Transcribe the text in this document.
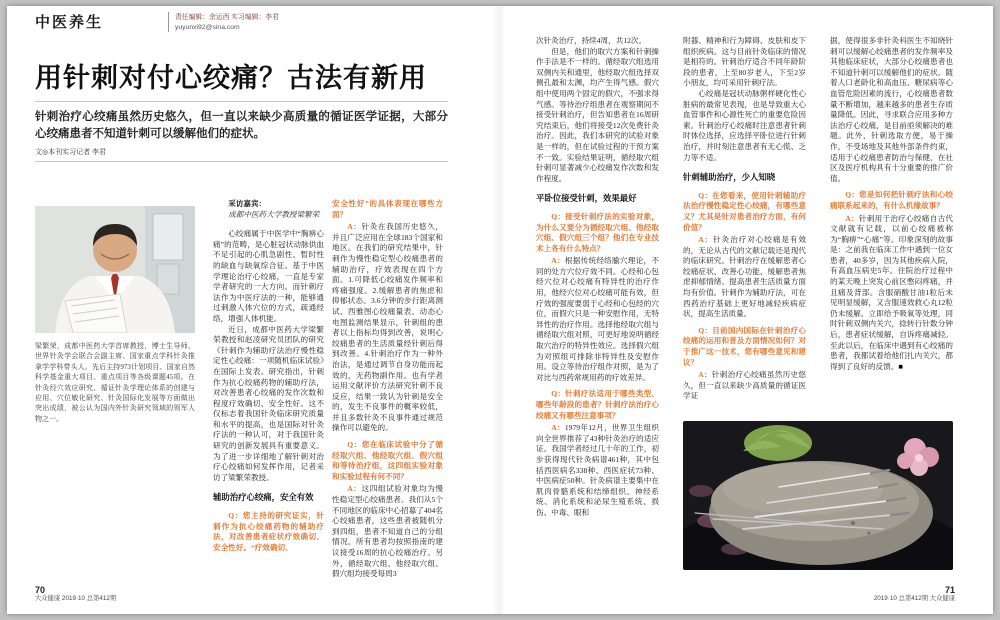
中医养生	责任编辑：余运西 实习编辑：李君
yuyunxi92@sina.com
用针刺对付心绞痛？古法有新用
针刺治疗心绞痛虽然历史悠久，但一直以来缺少高质量的循证医学证据，大部分心绞痛患者不知道针刺可以缓解他们的症状。
文◎本刊实习记者 李君
梁繁荣，成都中医药大学首席教授，博士生导师。世界针灸学会联合会副主席、国家重点学科针灸推拿学学科带头人。先后主持973计划项目、国家自然科学基金重大项目、重点项目等各级课题45项。在针灸经穴效应研究、循证针灸学理论体系的创建与应用、穴位敏化研究、针灸国际化发展等方面做出突出成绩，被公认为国内外针灸研究领域的领军人物之一。

采访嘉宾：

成都中医药大学教授梁繁荣

心绞痛属于中医学中“胸痹心痛”的范畴，是心脏冠状动脉供血不足引起的心肌急剧性、暂时性的缺血与缺氧综合征。基于中医学理论治疗心绞痛，一直是专家学者研究的一大方向。而针刺疗法作为中医疗法的一种，能够通过刺激人体穴位的方式，疏通经络，增强人体机能。

近日，成都中医药大学梁繁荣教授和赵凌研究员团队的研究《针刺作为辅助疗法治疗慢性稳定性心绞痛：一项随机临床试验》在国际上发表。研究指出，针刺作为抗心绞痛药物的辅助疗法，对改善患者心绞痛的发作次数和程度疗效确切、安全性好。这不仅标志着我国针灸临床研究质量和水平的提高，也是国际对针灸疗法的一种认可，对于我国针灸研究的创新发展具有重要意义。为了进一步详细地了解针刺对治疗心绞痛如何发挥作用，记者采访了梁繁荣教授。

辅助治疗心绞痛，安全有效

Q：您主持的研究证实，针刺作为抗心绞痛药物的辅助疗法，对改善患者症状疗效确切、安全性好。“疗效确切、

安全性好”的具体表现在哪些方面？

A：针灸在我国历史悠久，并且广泛应用在全球183个国家和地区。在我们的研究结果中，针刺作为慢性稳定型心绞痛患者的辅助治疗，疗效表现在四个方面。1.可降低心绞痛发作频率和疼痛强度。2.缓解患者的焦虑和抑郁状态。3.6分钟的步行距离测试、西雅图心绞痛量表、动态心电图监测结果显示，针刺组的患者以上指标均得到改善，说明心绞痛患者的生活质量经针刺后得到改善。4.针刺治疗作为一种外治法，是通过调节自身功能而起效的，无药物副作用。也有学者运用文献评价方法研究针刺不良反应，结果一致认为针刺是安全的，发生不良事件的概率较低，并且多数针灸不良事件通过规范操作可以避免的。

Q：您在临床试验中分了循经取穴组、他经取穴组、假穴组和等待治疗组，这四组实验对象和实验过程有何不同？

A：这四组试验对象均为慢性稳定型心绞痛患者。我们从5个不同地区的临床中心招募了404名心绞痛患者，这些患者被随机分到四组，患者不知道自己的分组情况。所有患者均按照指南的建议接受16周的抗心绞痛治疗。另外，循经取穴组、他经取穴组、假穴组均接受每周3

次针灸治疗，持续4周，共12次。

但是，他们的取穴方案和针刺操作手法是不一样的。循经取穴组选用双侧内关和通里，他经取穴组选择双侧孔最和太渊，均产生得气感。假穴组中使用两个固定的假穴，不强求得气感。等待治疗组患者在观察期间不接受针刺治疗，但告知患者在16周研究结束后，他们将接受12次免费针灸治疗。因此，我们本研究的试验对象是一样的，但在试验过程的干预方案不一致。实验结果证明，循经取穴组针刺可显著减少心绞痛发作次数和发作程度。

平卧位接受针刺，效果最好

Q：接受针刺疗法的实验对象，为什么又要分为循经取穴组、他经取穴组、假穴组三个组？他们在专业技术上各有什么特点？

A：根据传统经络腧穴理论，不同的处方穴位疗效不同。心经和心包经穴位对心绞痛有特异性的治疗作用，他经穴位对心绞痛可能有效，但疗效的强度要弱于心经和心包经的穴位，而假穴只是一种安慰作用，无特异性的治疗作用。选择他经取穴组与循经取穴组对照，可更好地说明循经取穴治疗的特异性效应。选择假穴组为对照组可排除非特异性及安慰作用。设立等待治疗组作对照，是为了对比与西药常规用药的疗效差异。

Q：针刺疗法适用于哪些类型、哪些年龄段的患者？针刺疗法治疗心绞痛又有哪些注意事项？

A：1979年12月，世界卫生组织向全世界推荐了43种针灸治疗的适应证。我国学者经过几十年的工作，初步获得现代针灸病谱461种，其中包括西医病名338种、西医症状73种、中医病症50种。针灸病谱主要集中在肌肉骨骼系统和结缔组织、神经系统、消化系统和泌尿生殖系统、损伤、中毒、眼和

附器、精神和行为障碍、皮肤和皮下组织疾病。这与目前针灸临床的情况是相符的。针刺治疗适合不同年龄阶段的患者，上至80岁老人，下至2岁小朋友，均可采用针刺疗法。

心绞痛是冠状动脉粥样硬化性心脏病的最常见表现，也是导致重大心血管事件和心源性死亡的重要危险因素。针刺治疗心绞痛时注意患者针刺时体位选择，应选择平卧位进行针刺治疗，并时刻注意患者有无心慌、乏力等不适。

针刺辅助治疗，少人知晓

Q：在您看来，使用针刺辅助疗法治疗慢性稳定性心绞痛，有哪些意义？尤其是针对患者治疗方面，有何价值？

A：针灸治疗对心绞痛是有效的，无论从古代的文献记载还是现代的临床研究。针刺治疗在缓解患者心绞痛症状、改善心功能、缓解患者焦虑抑郁情绪、提高患者生活质量方面均有价值。针刺作为辅助疗法，可在西药治疗基础上更好地减轻疾病症状，提高生活质量。

Q：目前国内国际在针刺治疗心绞痛的运用和普及方面情况如何？对于推广这一技术，您有哪些意见和建议？

A：针刺治疗心绞痛虽然历史悠久，但一直以来缺少高质量的循证医学证

据，使得很多非针灸科医生不知晓针刺可以缓解心绞痛患者的发作频率及其他临床症状，大部分心绞痛患者也不知道针刺可以缓解他们的症状。随着人口老龄化和高血压、糖尿病等心血管危险因素的流行，心绞痛患者数量不断增加，越来越多的患者生存质量降低。因此，寻求联合应用多种方法治疗心绞痛，是目前亟须解决的难题。此外，针刺选取方便，易于操作，不受场地及其他外部条件约束，适用于心绞痛患者防治与保健，在社区及医疗机构具有十分重要的推广价值。

Q：您是如何把针刺疗法和心绞痛联系起来的，有什么机缘故事？

A：针刺用于治疗心绞痛自古代文献就有记载，以前心绞痛被称为“胸痹”“心痛”等。印象深刻的故事是：之前我在临床工作中遇到一位女患者，40多岁，因为其他疾病入院，有高血压病史5年。住院治疗过程中的某天晚上突发心前区憋闷疼痛，并且痛及背部。含服硝酸甘油1粒后未见明显缓解，又含服速效救心丸12粒仍未缓解。立即给予吸氧等处理，同时针刺双侧内关穴，捻转行针数分钟后，患者症状缓解，自诉疼痛减轻。至此以后，在临床中遇到有心绞痛的患者，我都试着给他们扎内关穴，都得到了良好的反馈。■

70
大众健康 2019·10 总第412期
71
2019·10 总第412期 大众健康
